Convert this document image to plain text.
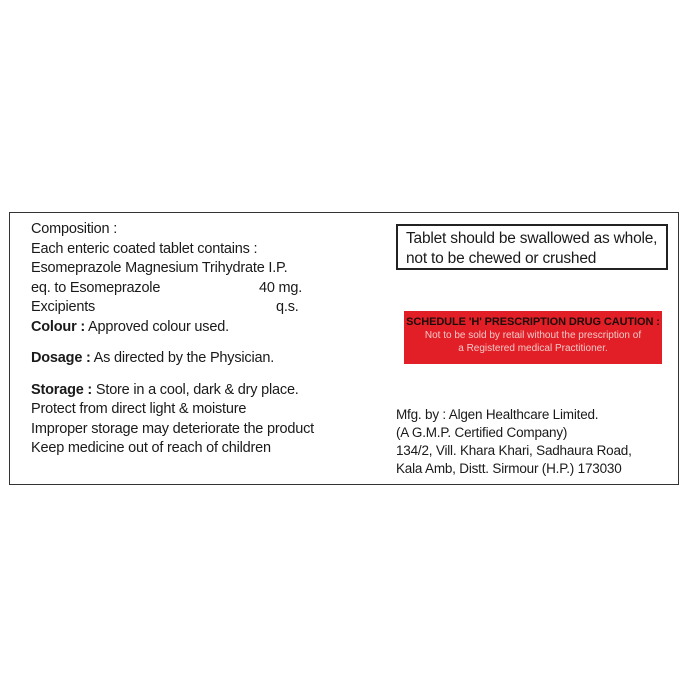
Composition :
Each enteric coated tablet contains :
Esomeprazole Magnesium Trihydrate I.P.
eq. to Esomeprazole	40 mg.
Excipients	q.s.
Colour : Approved colour used.
Dosage : As directed by the Physician.
Storage : Store in a cool, dark & dry place.
Protect from direct light & moisture
Improper storage may deteriorate the product
Keep medicine out of reach of children
Tablet should be swallowed as whole,
not to be chewed or crushed
SCHEDULE 'H' PRESCRIPTION DRUG CAUTION :
Not to be sold by retail without the prescription of
a Registered medical Practitioner.
Mfg. by : Algen Healthcare Limited.
(A G.M.P. Certified Company)
134/2, Vill. Khara Khari, Sadhaura Road,
Kala Amb, Distt. Sirmour (H.P.) 173030
